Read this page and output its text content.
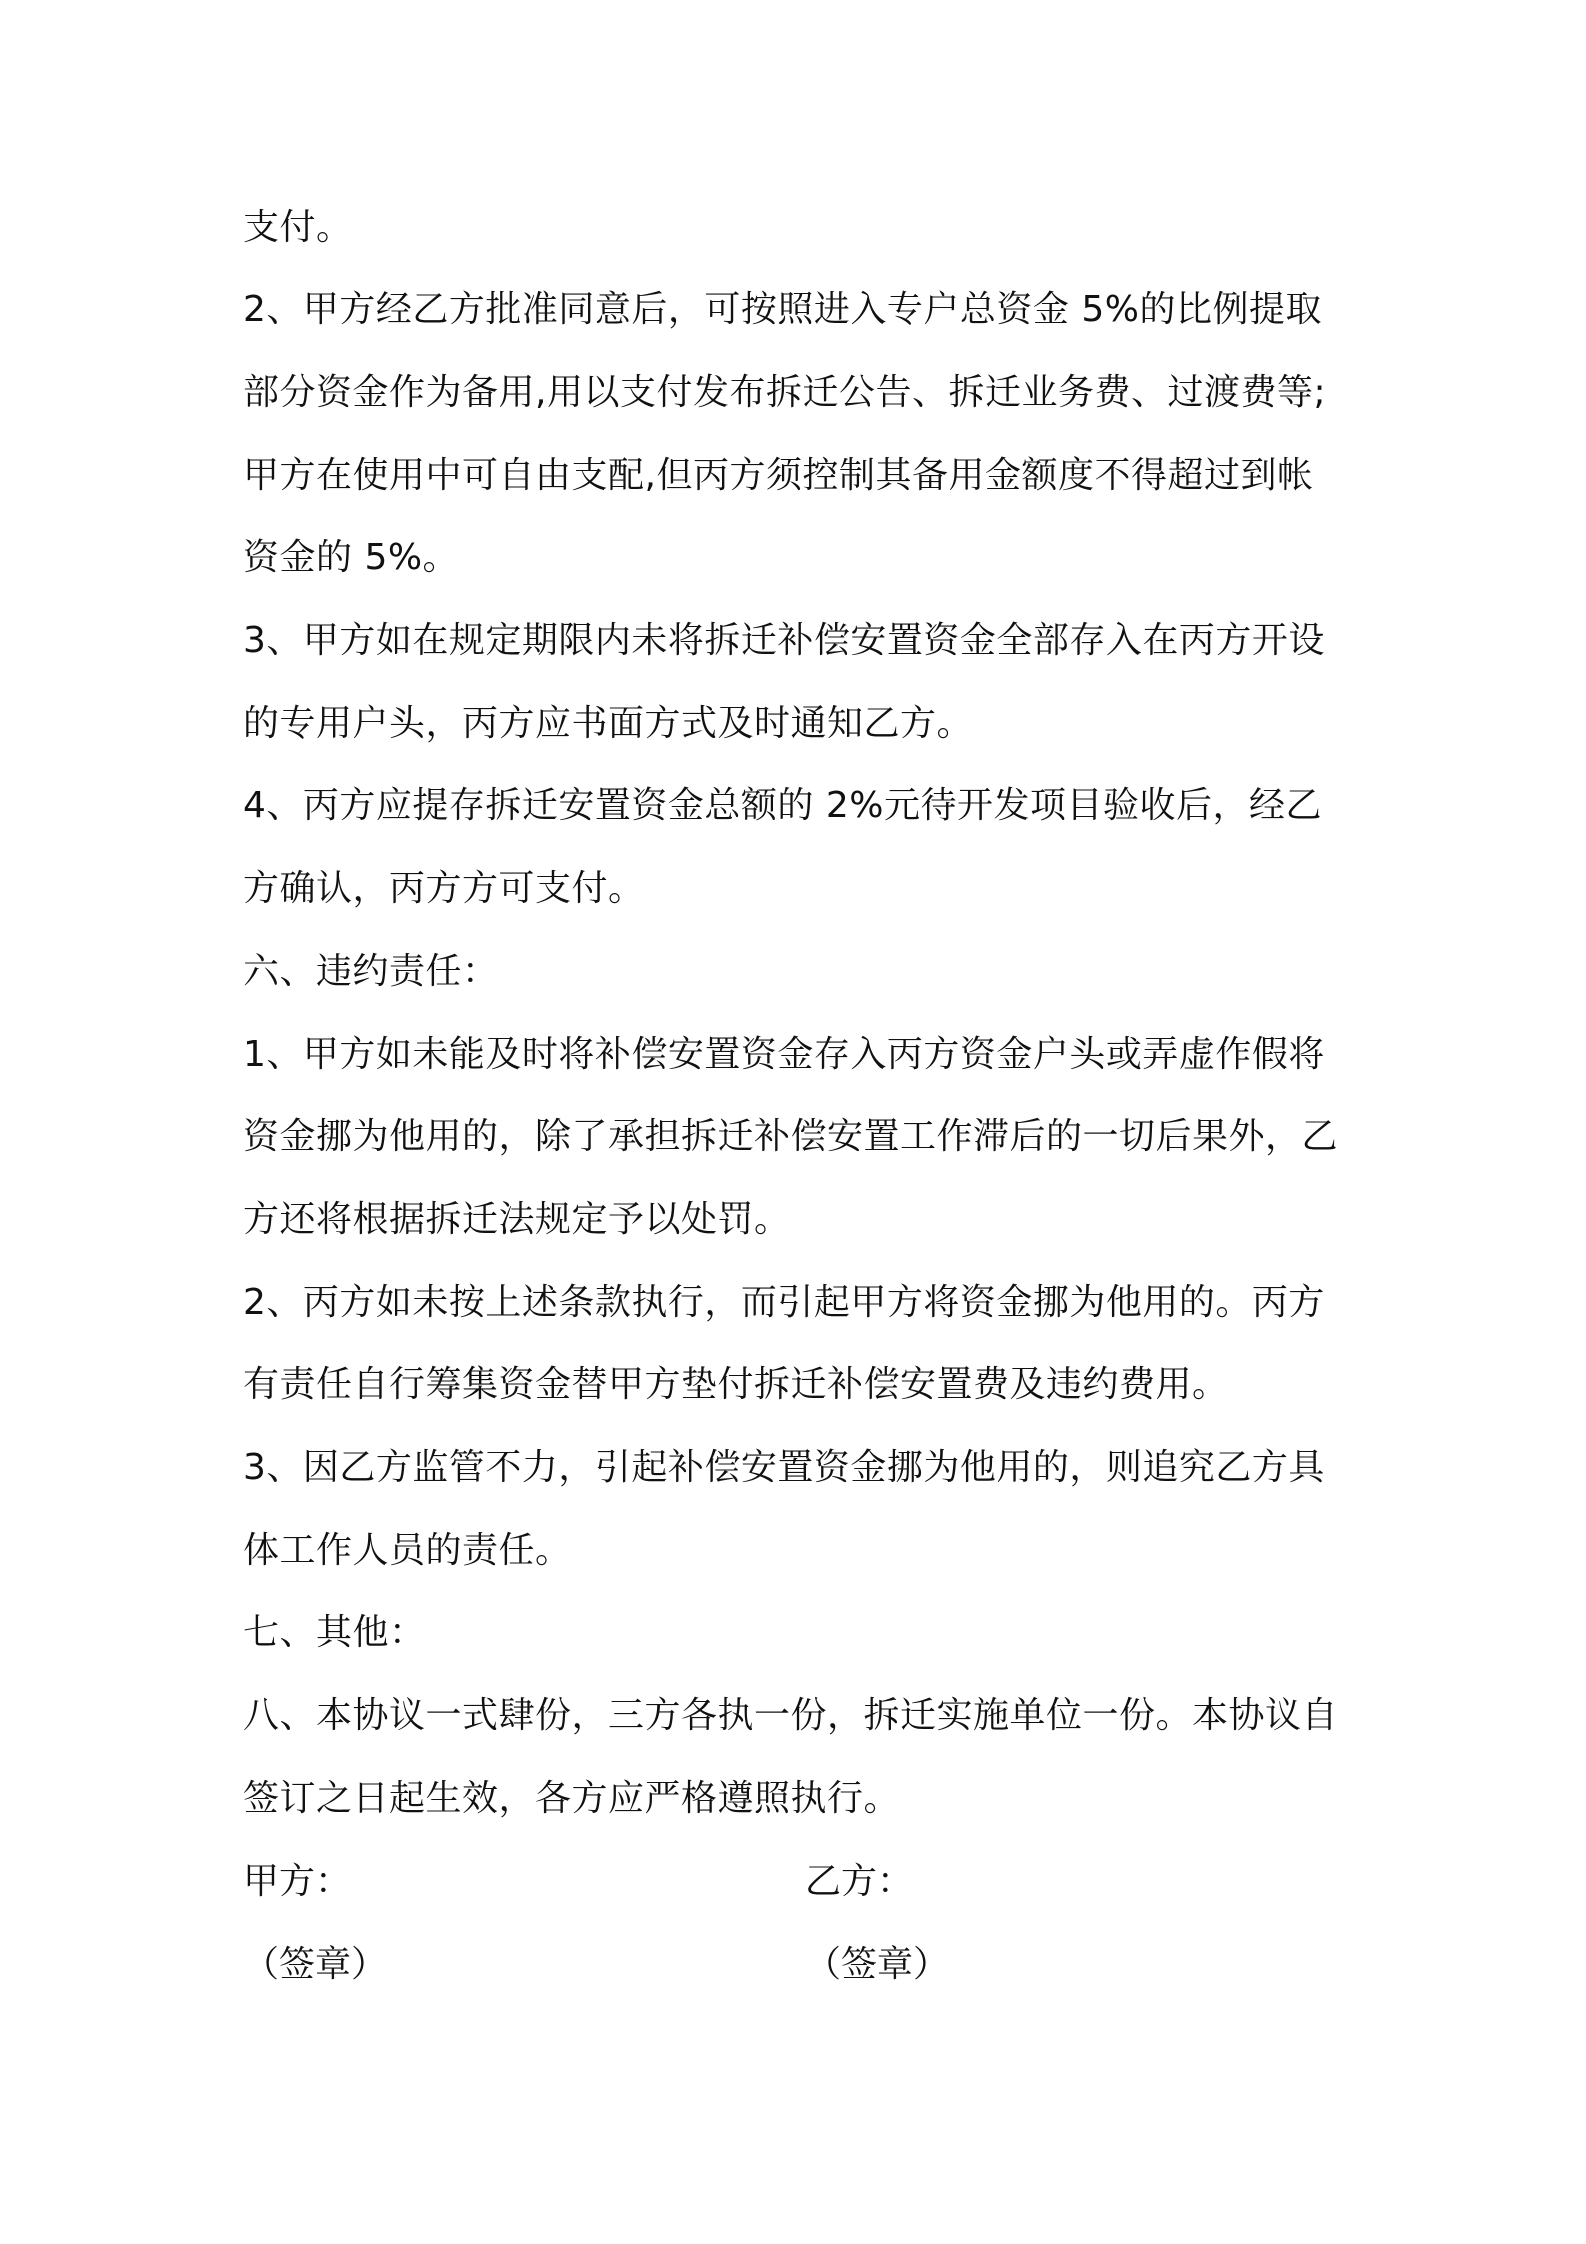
支付。
2、甲方经乙方批准同意后，可按照进入专户总资金 5%的比例提取
部分资金作为备用,用以支付发布拆迁公告、拆迁业务费、过渡费等;
甲方在使用中可自由支配,但丙方须控制其备用金额度不得超过到帐
资金的 5%。
3、甲方如在规定期限内未将拆迁补偿安置资金全部存入在丙方开设
的专用户头，丙方应书面方式及时通知乙方。
4、丙方应提存拆迁安置资金总额的 2%元待开发项目验收后，经乙
方确认，丙方方可支付。
六、违约责任：
1、甲方如未能及时将补偿安置资金存入丙方资金户头或弄虚作假将
资金挪为他用的，除了承担拆迁补偿安置工作滞后的一切后果外，乙
方还将根据拆迁法规定予以处罚。
2、丙方如未按上述条款执行，而引起甲方将资金挪为他用的。丙方
有责任自行筹集资金替甲方垫付拆迁补偿安置费及违约费用。
3、因乙方监管不力，引起补偿安置资金挪为他用的，则追究乙方具
体工作人员的责任。
七、其他：
八、本协议一式肆份，三方各执一份，拆迁实施单位一份。本协议自
签订之日起生效，各方应严格遵照执行。
甲方：	乙方：
（签章）	（签章）
